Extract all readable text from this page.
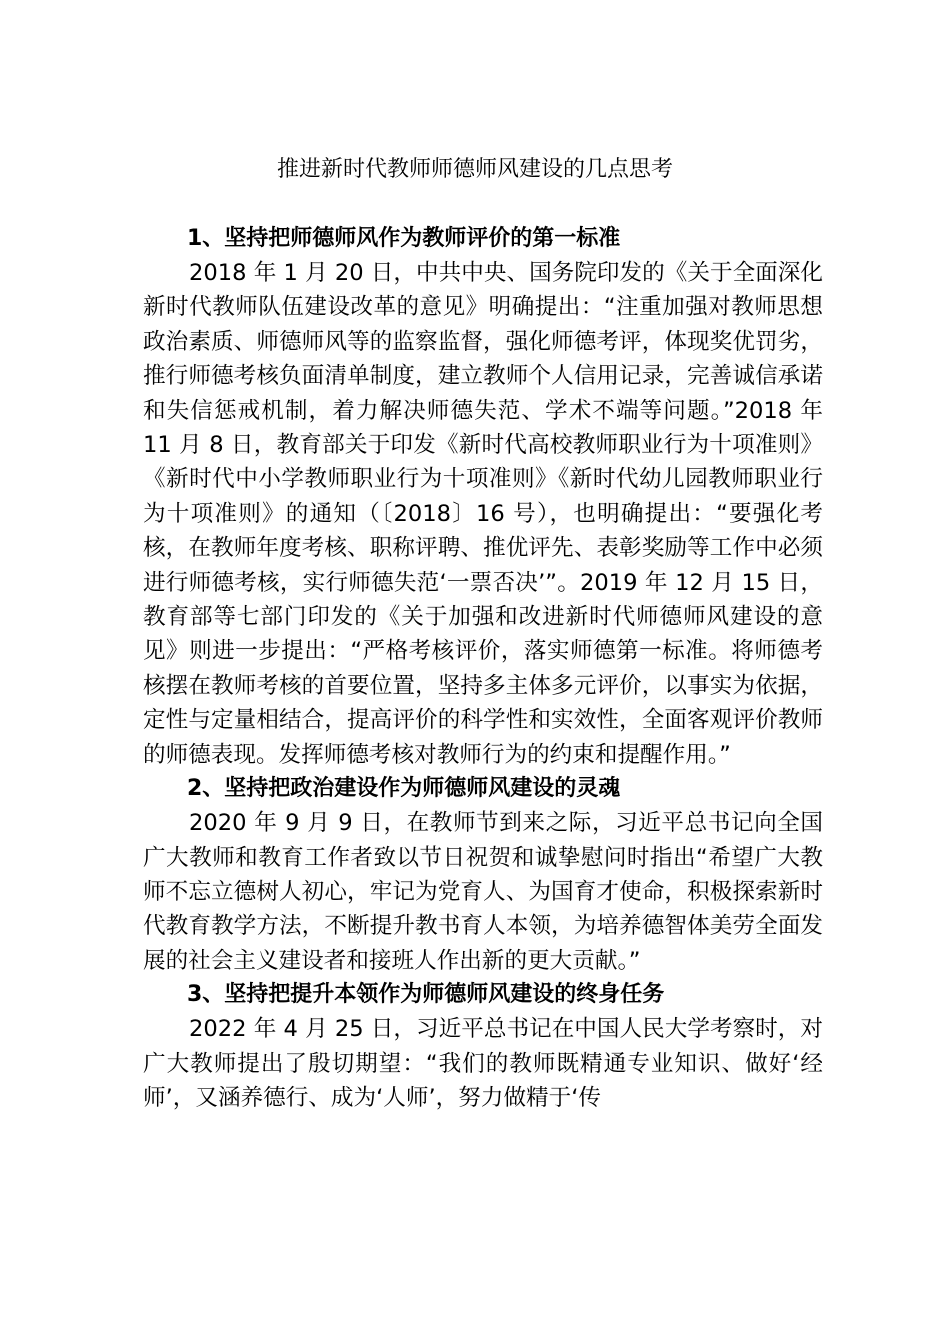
推进新时代教师师德师风建设的几点思考

1、坚持把师德师风作为教师评价的第一标准

2018 年 1 月 20 日，中共中央、国务院印发的《关于全面深化新时代教师队伍建设改革的意见》明确提出：“注重加强对教师思想政治素质、师德师风等的监察监督，强化师德考评，体现奖优罚劣，推行师德考核负面清单制度，建立教师个人信用记录，完善诚信承诺和失信惩戒机制，着力解决师德失范、学术不端等问题。”2018 年 11 月 8 日，教育部关于印发《新时代高校教师职业行为十项准则》《新时代中小学教师职业行为十项准则》《新时代幼儿园教师职业行为十项准则》的通知（〔2018〕16 号），也明确提出：“要强化考核，在教师年度考核、职称评聘、推优评先、表彰奖励等工作中必须进行师德考核，实行师德失范‘一票否决’”。2019 年 12 月 15 日，教育部等七部门印发的《关于加强和改进新时代师德师风建设的意见》则进一步提出：“严格考核评价，落实师德第一标准。将师德考核摆在教师考核的首要位置，坚持多主体多元评价，以事实为依据，定性与定量相结合，提高评价的科学性和实效性，全面客观评价教师的师德表现。发挥师德考核对教师行为的约束和提醒作用。”

2、坚持把政治建设作为师德师风建设的灵魂

2020 年 9 月 9 日，在教师节到来之际，习近平总书记向全国广大教师和教育工作者致以节日祝贺和诚挚慰问时指出“希望广大教师不忘立德树人初心，牢记为党育人、为国育才使命，积极探索新时代教育教学方法，不断提升教书育人本领，为培养德智体美劳全面发展的社会主义建设者和接班人作出新的更大贡献。”

3、坚持把提升本领作为师德师风建设的终身任务

2022 年 4 月 25 日，习近平总书记在中国人民大学考察时，对广大教师提出了殷切期望：“我们的教师既精通专业知识、做好‘经师’，又涵养德行、成为‘人师’，努力做精于‘传
